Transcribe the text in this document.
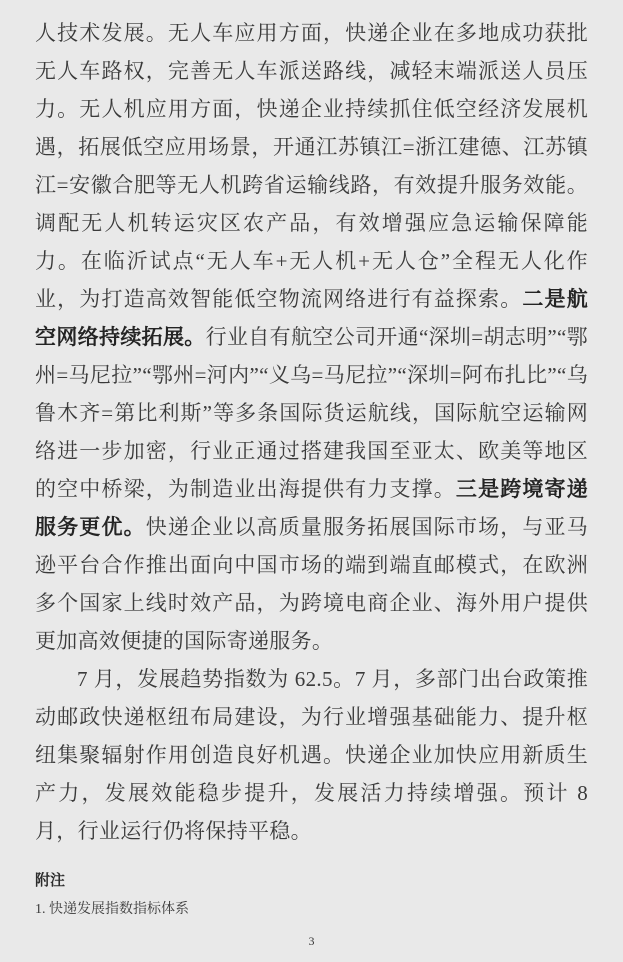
人技术发展。无人车应用方面，快递企业在多地成功获批无人车路权，完善无人车派送路线，减轻末端派送人员压力。无人机应用方面，快递企业持续抓住低空经济发展机遇，拓展低空应用场景，开通江苏镇江=浙江建德、江苏镇江=安徽合肥等无人机跨省运输线路，有效提升服务效能。调配无人机转运灾区农产品，有效增强应急运输保障能力。在临沂试点“无人车+无人机+无人仓”全程无人化作业，为打造高效智能低空物流网络进行有益探索。二是航空网络持续拓展。行业自有航空公司开通“深圳=胡志明”“鄂州=马尼拉”“鄂州=河内”“义乌=马尼拉”“深圳=阿布扎比”“乌鲁木齐=第比利斯”等多条国际货运航线，国际航空运输网络进一步加密，行业正通过搭建我国至亚太、欧美等地区的空中桥梁，为制造业出海提供有力支撑。三是跨境寄递服务更优。快递企业以高质量服务拓展国际市场，与亚马逊平台合作推出面向中国市场的端到端直邮模式，在欧洲多个国家上线时效产品，为跨境电商企业、海外用户提供更加高效便捷的国际寄递服务。

7 月，发展趋势指数为 62.5。7 月，多部门出台政策推动邮政快递枢纽布局建设，为行业增强基础能力、提升枢纽集聚辐射作用创造良好机遇。快递企业加快应用新质生产力，发展效能稳步提升，发展活力持续增强。预计 8 月，行业运行仍将保持平稳。

附注
1. 快递发展指数指标体系
3
